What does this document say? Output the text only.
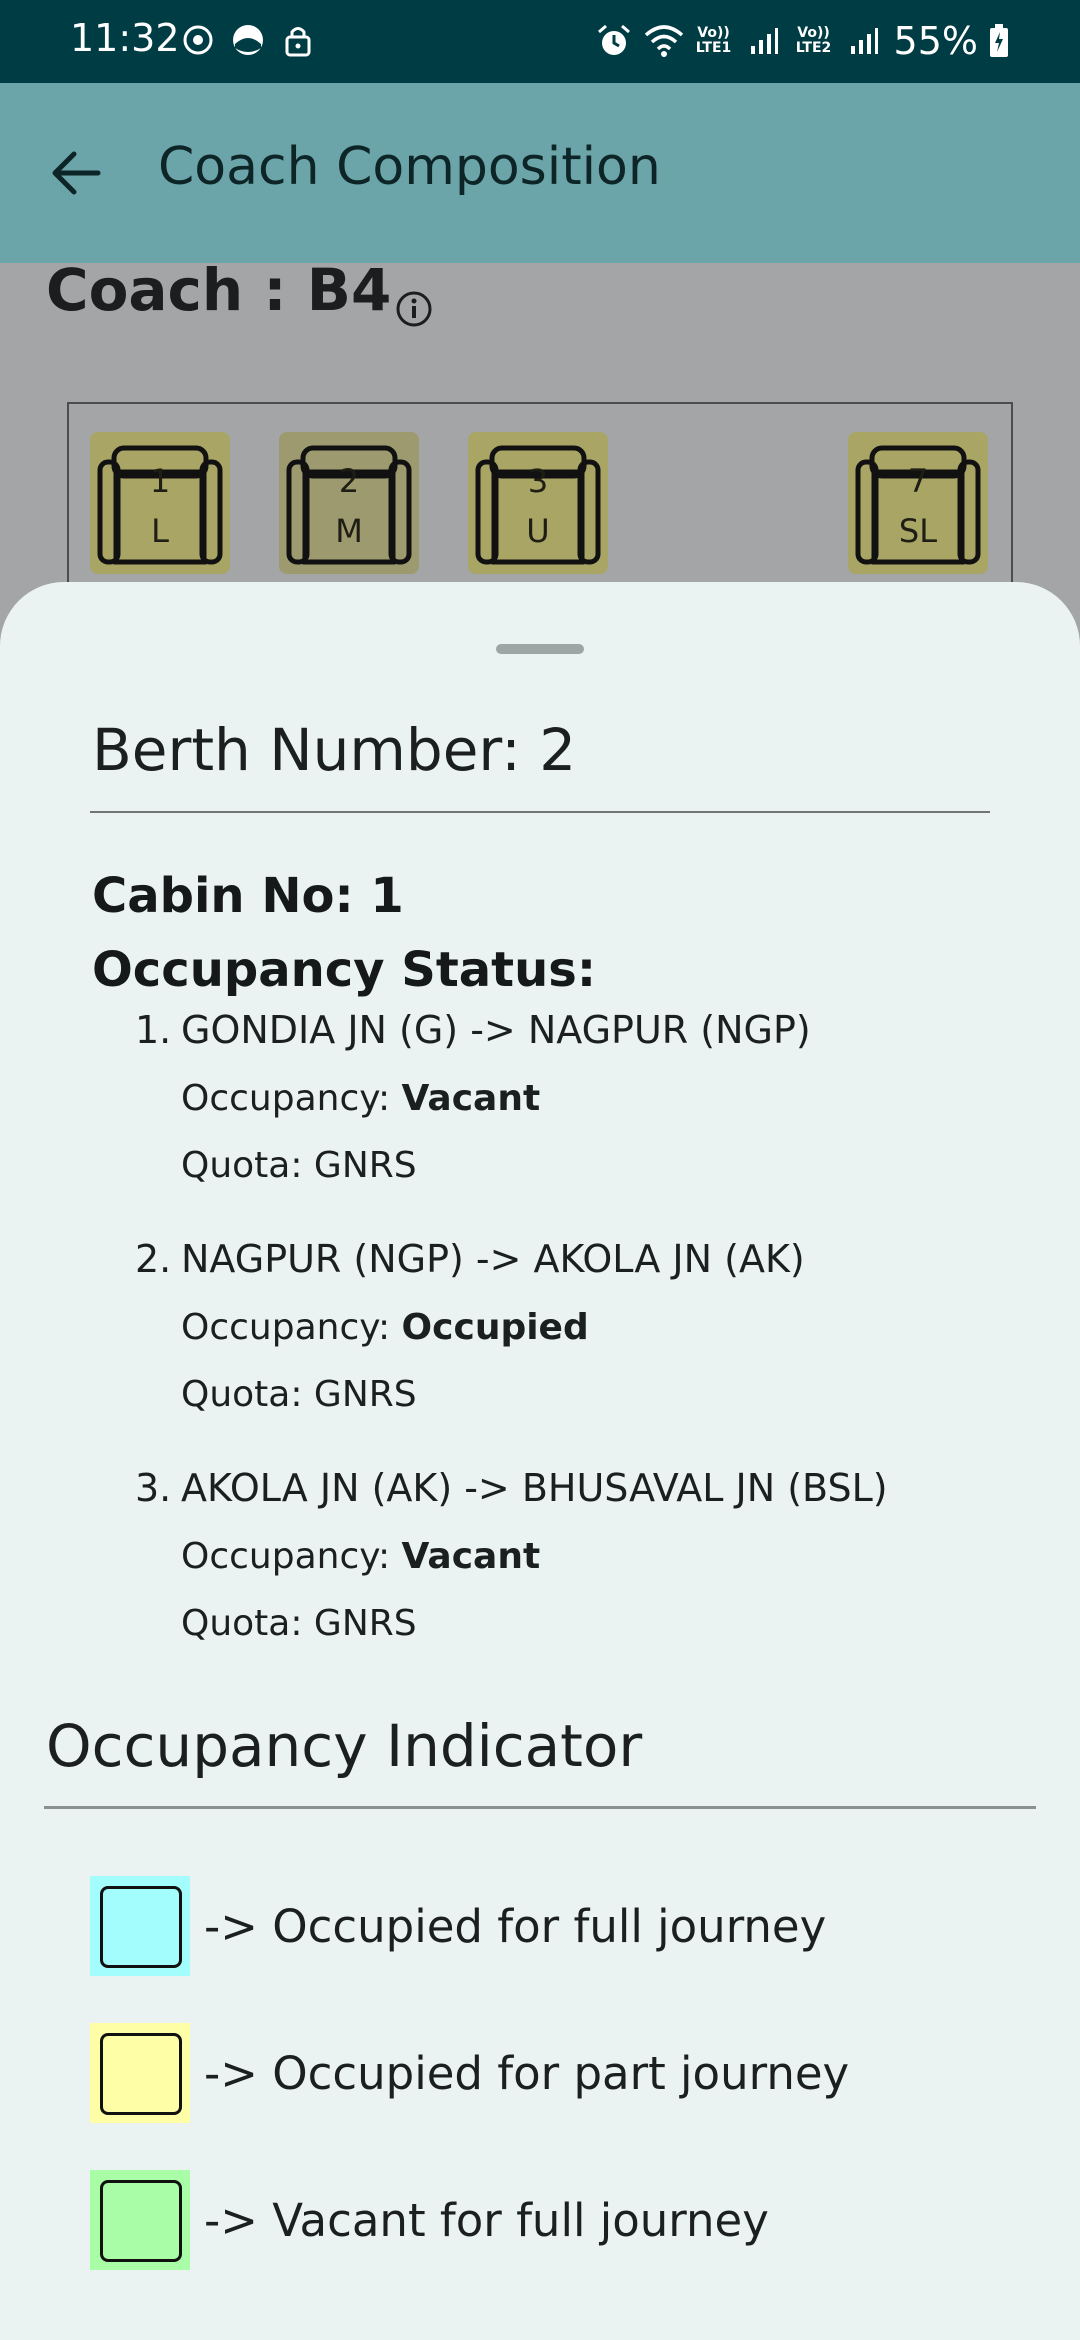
11:32	Vo)) LTE1
Vo)) LTE2 55%
Coach Composition
Coach : B4
1
L
2
M
3
U
7
SL
Berth Number: 2
Cabin No: 1
Occupancy Status:
1. GONDIA JN (G) -> NAGPUR (NGP)
Occupancy: Vacant
Quota: GNRS
2. NAGPUR (NGP) -> AKOLA JN (AK)
Occupancy: Occupied
Quota: GNRS
3. AKOLA JN (AK) -> BHUSAVAL JN (BSL)
Occupancy: Vacant
Quota: GNRS
Occupancy Indicator
-> Occupied for full journey
-> Occupied for part journey
-> Vacant for full journey
